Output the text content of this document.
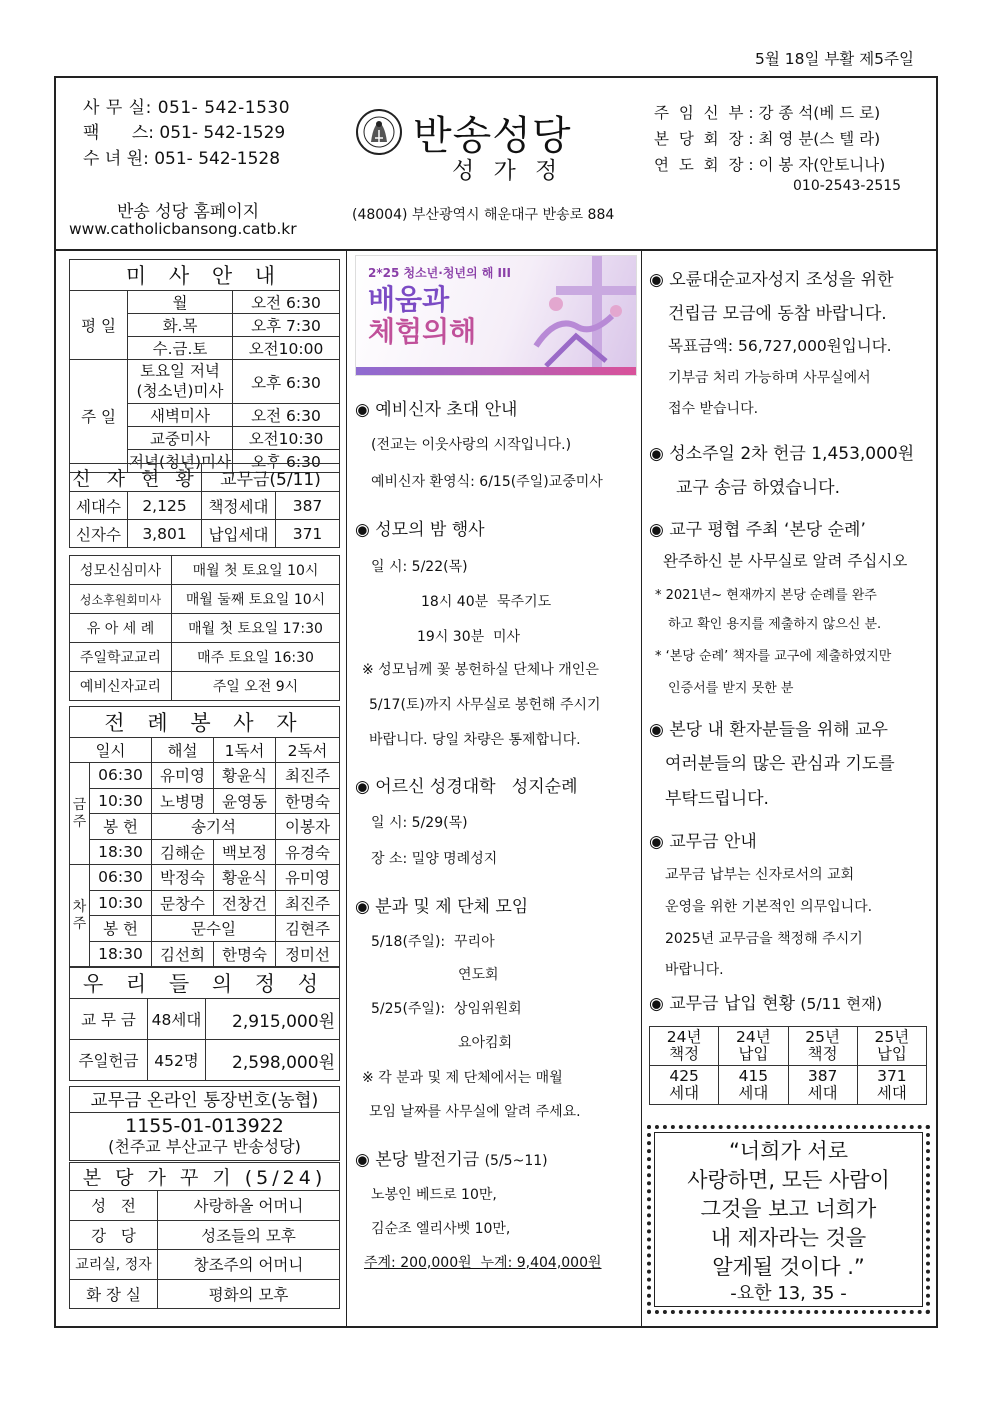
5월 18일 부활 제5주일
사 무 실: 051- 542-1530
팩      스: 051- 542-1529
수 녀 원: 051- 542-1528
반송 성당 홈페이지
www.catholicbansong.catb.kr
반송성당
성 가 정
(48004) 부산광역시 해운대구 반송로 884
주  임  신  부 : 강 종 석(베 드 로)
본  당  회  장 : 최 영 분(스 텔 라)
연  도  회  장 : 이 봉 자(안토니나)
010-2543-2515
미 사 안 내		
평 일	월	오전 6:30
	화.목	오후 7:30
	수.금.토	오전10:00
주 일	토요일 저녁 (청소년)미사	오후 6:30
	새벽미사	오전 6:30
	교중미사	오전10:30
	저녁(청년)미사	오후 6:30
신 자 현 황		교무금(5/11)	
세대수	2,125	책정세대	387
신자수	3,801	납입세대	371
성모신심미사	매월 첫 토요일 10시
성소후원회미사	매월 둘째 토요일 10시
유 아 세 례	매월 첫 토요일 17:30
주일학교교리	매주 토요일 16:30
예비신자교리	주일 오전 9시
전 례 봉 사 자				
일시		해설	1독서	2독서
금주	06:30	유미영	황윤식	최진주
	10:30	노병명	윤영동	한명숙
	봉 헌	송기석		이봉자
	18:30	김해순	백보정	유경숙
차주	06:30	박정숙	황윤식	유미영
	10:30	문창수	전창건	최진주
	봉 헌	문수일		김현주
	18:30	김선희	한명숙	정미선
우 리 들 의 정 성		
교 무 금	48세대	2,915,000원
주일헌금	452명	2,598,000원
교무금 온라인 통장번호(농협)

1155-01-013922
(천주교 부산교구 반송성당)
본 당 가 꾸 기 (5/24)	
성   전	사랑하올 어머니
강   당	성조들의 모후
교리실, 정자	창조주의 어머니
화 장 실	평화의 모후
2*25 청소년·청년의 해 III
배움과
체험의해
◉ 예비신자 초대 안내
(전교는 이웃사랑의 시작입니다.)
예비신자 환영식: 6/15(주일)교중미사
◉ 성모의 밤 행사
일 시: 5/22(목)
18시 40분  묵주기도
19시 30분  미사
※ 성모님께 꽃 봉헌하실 단체나 개인은
5/17(토)까지 사무실로 봉헌해 주시기
바랍니다. 당일 차량은 통제합니다.
◉ 어르신 성경대학   성지순례
일 시: 5/29(목)
장 소: 밀양 명례성지
◉ 분과 및 제 단체 모임
5/18(주일):  꾸리아
연도회
5/25(주일):  상임위원회
요아킴회
※ 각 분과 및 제 단체에서는 매월
모임 날짜를 사무실에 알려 주세요.
◉ 본당 발전기금 (5/5~11)
노봉인 베드로 10만,
김순조 엘리사벳 10만,
주계: 200,000원  누계: 9,404,000원
◉ 오륜대순교자성지 조성을 위한
건립금 모금에 동참 바랍니다.
목표금액: 56,727,000원입니다.
기부금 처리 가능하며 사무실에서
접수 받습니다.
◉ 성소주일 2차 헌금 1,453,000원
교구 송금 하였습니다.
◉ 교구 평협 주최 ‘본당 순례’
완주하신 분 사무실로 알려 주십시오
* 2021년~ 현재까지 본당 순례를 완주
하고 확인 용지를 제출하지 않으신 분.
* ‘본당 순례’ 책자를 교구에 제출하였지만
인증서를 받지 못한 분
◉ 본당 내 환자분들을 위해 교우
여러분들의 많은 관심과 기도를
부탁드립니다.
◉ 교무금 안내
교무금 납부는 신자로서의 교회
운영을 위한 기본적인 의무입니다.
2025년 교무금을 책정해 주시기
바랍니다.
◉ 교무금 납입 현황 (5/11 현재)
24년 책정	24년 납입	25년 책정	25년 납입
425 세대	415 세대	387 세대	371 세대
“너희가 서로
사랑하면, 모든 사람이
그것을 보고 너희가
내 제자라는 것을
알게될 것이다 .”
-요한 13, 35 -
